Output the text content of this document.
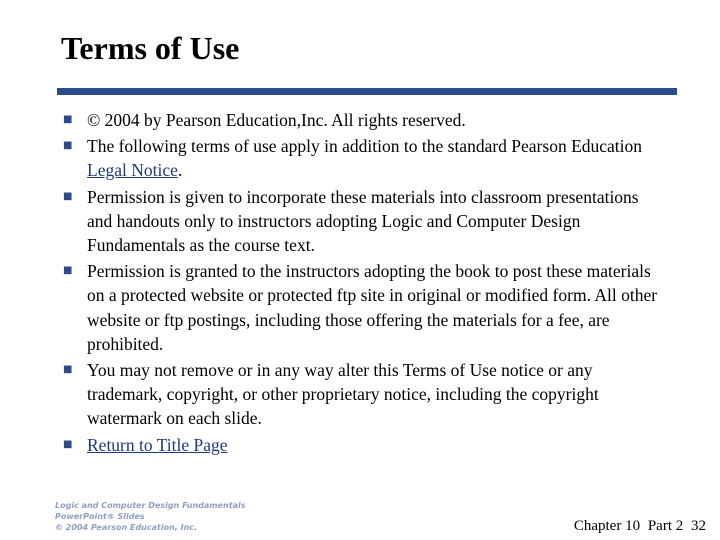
Terms of Use
■ © 2004 by Pearson Education,Inc. All rights reserved.
■ The following terms of use apply in addition to the standard Pearson Education Legal Notice.
■ Permission is given to incorporate these materials into classroom presentations and handouts only to instructors adopting Logic and Computer Design Fundamentals as the course text.
■ Permission is granted to the instructors adopting the book to post these materials on a protected website or protected ftp site in original or modified form. All other website or ftp postings, including those offering the materials for a fee, are prohibited.
■ You may not remove or in any way alter this Terms of Use notice or any trademark, copyright, or other proprietary notice, including the copyright watermark on each slide.
■ Return to Title Page
Logic and Computer Design Fundamentals
PowerPoint® Slides
© 2004 Pearson Education, Inc.	Chapter 10 Part 2 32
